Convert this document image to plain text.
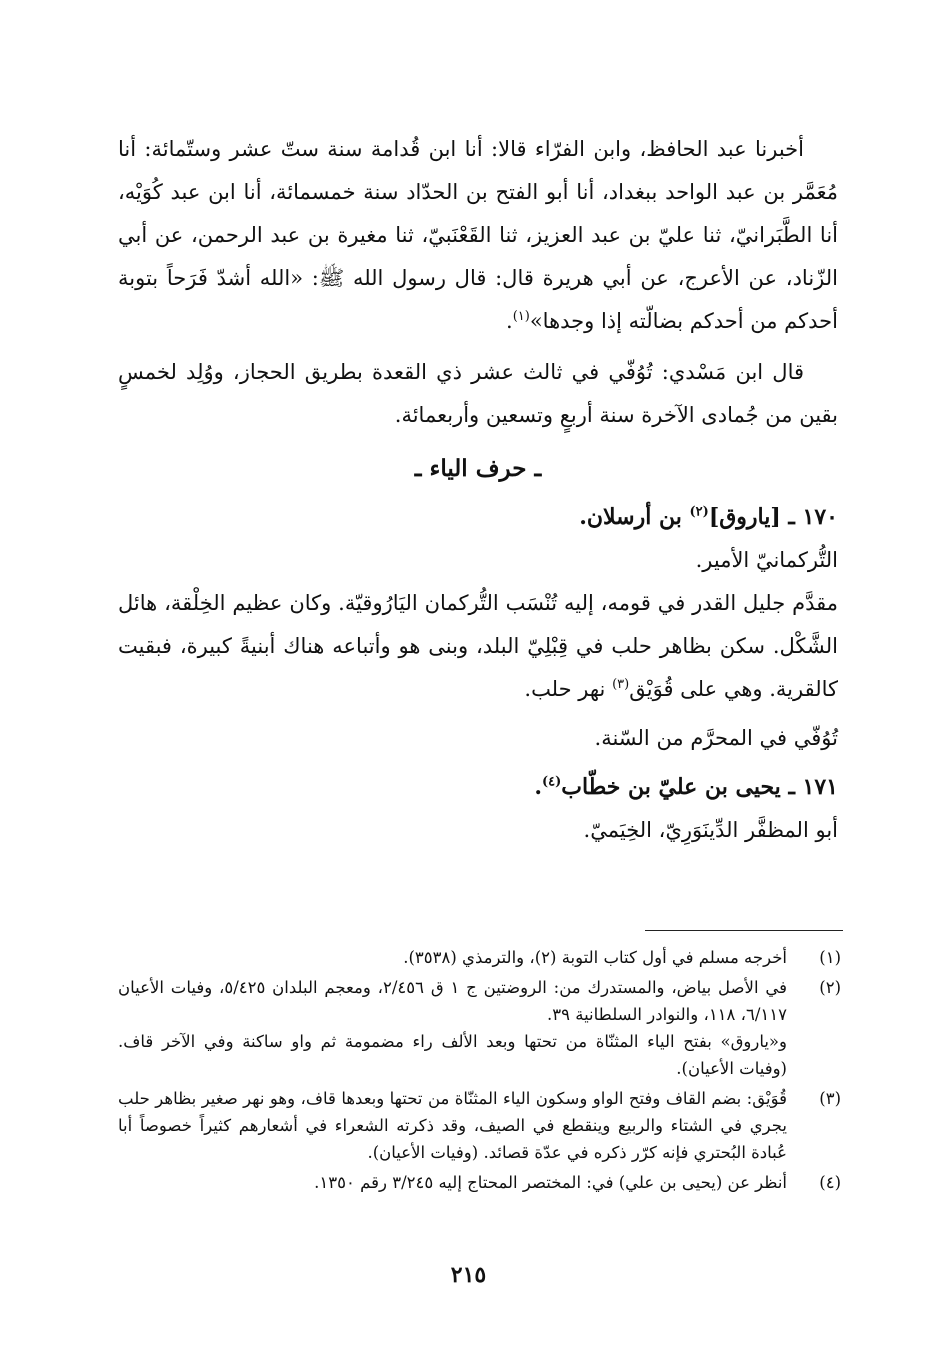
أخبرنا عبد الحافظ، وابن الفرّاء قالا: أنا ابن قُدامة سنة ستّ عشر وستّمائة: أنا مُعَمَّر بن عبد الواحد ببغداد، أنا أبو الفتح بن الحدّاد سنة خمسمائة، أنا ابن عبد كُوَيْه، أنا الطَّبَرانيّ، ثنا عليّ بن عبد العزيز، ثنا القَعْنَبيّ، ثنا مغيرة بن عبد الرحمن، عن أبي الزّناد، عن الأعرج، عن أبي هريرة قال: قال رسول الله ﷺ: «الله أشدّ فَرَحاً بتوبة أحدكم من أحدكم بضالّته إذا وجدها»$^{(١)}$.

قال ابن مَسْدي: تُوُفّي في ثالث عشر ذي القعدة بطريق الحجاز، ووُلِد لخمسٍ بقين من جُمادى الآخرة سنة أربعٍ وتسعين وأربعمائة.

ـ حرف الياء ـ
١٧٠ ـ [ياروق]$^{(٢)}$ بن أرسلان.
التُّركمانيّ الأمير.

مقدَّم جليل القدر في قومه، إليه تُنْسَب التُّركمان اليَارُوقيّة. وكان عظيم الخِلْقة، هائل الشَّكْل. سكن بظاهر حلب في قِبْلِيّ البلد، وبنى هو وأتباعه هناك أبنيةً كبيرة، فبقيت كالقرية. وهي على قُوَيْق$^{(٣)}$ نهر حلب.

تُوُفّي في المحرَّم من السّنة.

١٧١ ـ يحيى بن عليّ بن خطّاب$^{(٤)}$.
أبو المظفَّر الدِّينَوَرِيّ، الخِيَميّ.
(١)

أخرجه مسلم في أول كتاب التوبة (٢)، والترمذي (٣٥٣٨).

(٢)

في الأصل بياض، والمستدرك من: الروضتين ج ١ ق ٢/٤٥٦، ومعجم البلدان ٥/٤٢٥، وفيات الأعيان ٦/١١٧، ١١٨، والنوادر السلطانية ٣٩.

و«ياروق» بفتح الياء المثنّاة من تحتها وبعد الألف راء مضمومة ثم واو ساكنة وفي الآخر قاف. (وفيات الأعيان).

(٣)

قُوَيْق: بضم القاف وفتح الواو وسكون الياء المثنّاة من تحتها وبعدها قاف، وهو نهر صغير بظاهر حلب يجري في الشتاء والربيع وينقطع في الصيف، وقد ذكرته الشعراء في أشعارهم كثيراً خصوصاً أبا عُبادة البُحتري فإنه كرّر ذكره في عدّة قصائد. (وفيات الأعيان).

(٤)

أنظر عن (يحيى بن علي) في: المختصر المحتاج إليه ٣/٢٤٥ رقم ١٣٥٠.

٢١٥
